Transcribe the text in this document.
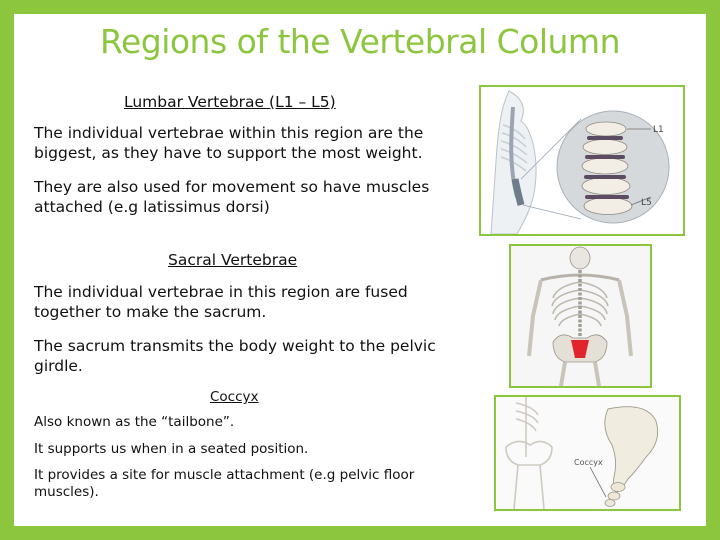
Regions of the Vertebral Column

Lumbar Vertebrae (L1 – L5)

The individual vertebrae within this region are the biggest, as they have to support the most weight.

They are also used for movement so have muscles attached (e.g latissimus dorsi)

Sacral Vertebrae

The individual vertebrae in this region are fused together to make the sacrum.

The sacrum transmits the body weight to the pelvic girdle.

Coccyx

Also known as the “tailbone”.

It supports us when in a seated position.

It provides a site for muscle attachment (e.g pelvic floor muscles).

L1
L5
Coccyx
